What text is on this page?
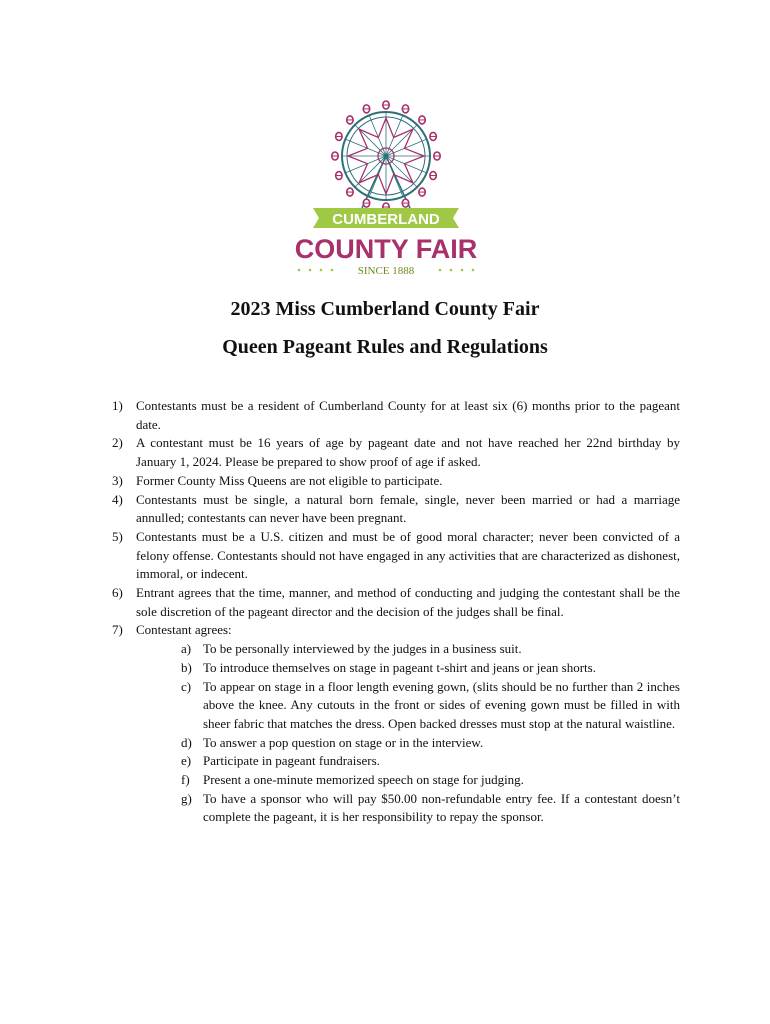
CUMBERLAND
COUNTY FAIR
SINCE 1888
2023 Miss Cumberland County Fair
Queen Pageant Rules and Regulations
1) Contestants must be a resident of Cumberland County for at least six (6) months prior to the pageant date.
2) A contestant must be 16 years of age by pageant date and not have reached her 22nd birthday by January 1, 2024. Please be prepared to show proof of age if asked.
3) Former County Miss Queens are not eligible to participate.
4) Contestants must be single, a natural born female, single, never been married or had a marriage annulled; contestants can never have been pregnant.
5) Contestants must be a U.S. citizen and must be of good moral character; never been convicted of a felony offense. Contestants should not have engaged in any activities that are characterized as dishonest, immoral, or indecent.
6) Entrant agrees that the time, manner, and method of conducting and judging the contestant shall be the sole discretion of the pageant director and the decision of the judges shall be final.
7) Contestant agrees:
a) To be personally interviewed by the judges in a business suit.
b) To introduce themselves on stage in pageant t-shirt and jeans or jean shorts.
c) To appear on stage in a floor length evening gown, (slits should be no further than 2 inches above the knee. Any cutouts in the front or sides of evening gown must be filled in with sheer fabric that matches the dress. Open backed dresses must stop at the natural waistline.
d) To answer a pop question on stage or in the interview.
e) Participate in pageant fundraisers.
f) Present a one-minute memorized speech on stage for judging.
g) To have a sponsor who will pay $50.00 non-refundable entry fee. If a contestant doesn’t complete the pageant, it is her responsibility to repay the sponsor.
